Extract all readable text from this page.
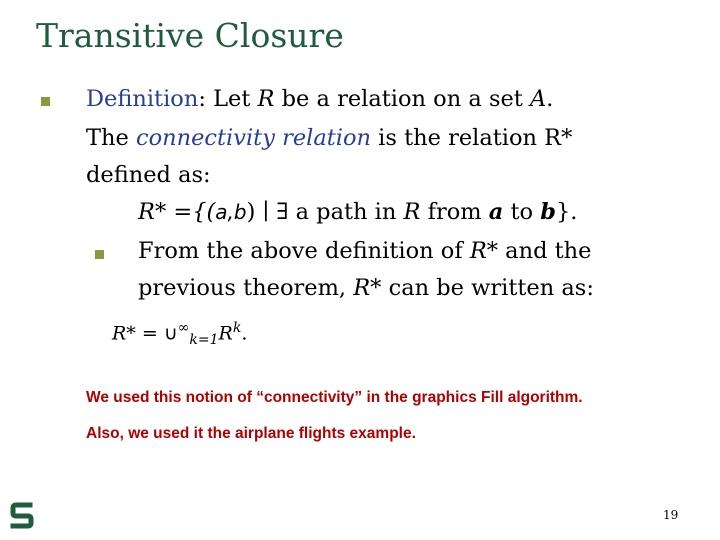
Transitive Closure
Definition: Let R be a relation on a set A.
The connectivity relation is the relation R*
defined as:
R* ={(a,b) ∣ ∃ a path in R from a to b}.
From the above definition of R* and the
previous theorem, R* can be written as:
$R* = \cup^\infty_{k=1}R^k$.
We used this notion of “connectivity” in the graphics Fill algorithm.
Also, we used it the airplane flights example.
19
